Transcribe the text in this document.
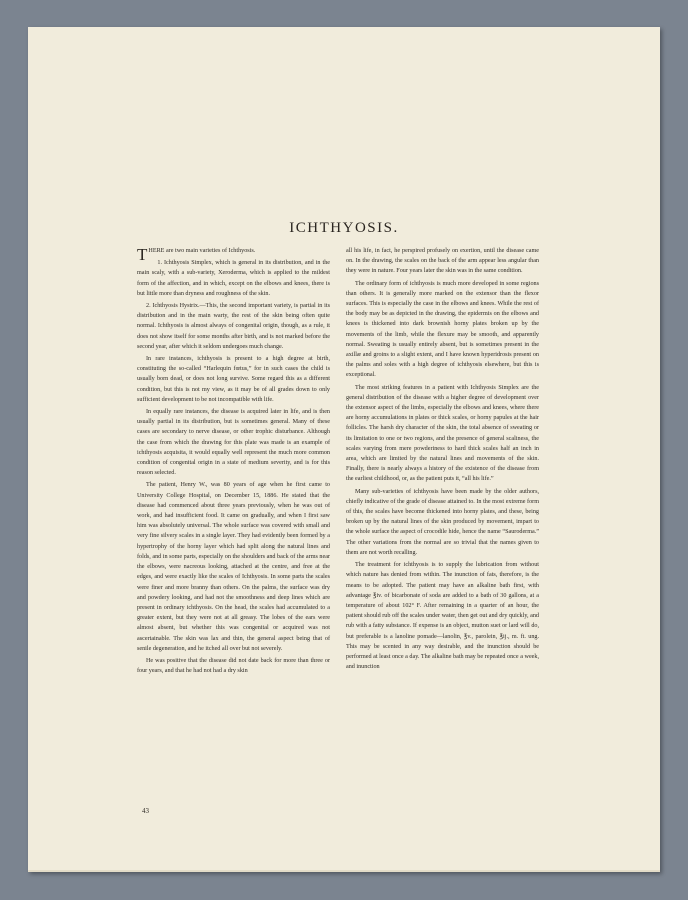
ICHTHYOSIS.

THERE are two main varieties of Ichthyosis.

1. Ichthyosis Simplex, which is general in its distribution, and in the main scaly, with a sub-variety, Xeroderma, which is applied to the mildest form of the affection, and in which, except on the elbows and knees, there is but little more than dryness and roughness of the skin.

2. Ichthyosis Hystrix.—This, the second important variety, is partial in its distribution and in the main warty, the rest of the skin being often quite normal. Ichthyosis is almost always of congenital origin, though, as a rule, it does not show itself for some months after birth, and is not marked before the second year, after which it seldom undergoes much change.

In rare instances, ichthyosis is present to a high degree at birth, constituting the so-called “Harlequin fœtus,” for in such cases the child is usually born dead, or does not long survive. Some regard this as a different condition, but this is not my view, as it may be of all grades down to only sufficient development to be not incompatible with life.

In equally rare instances, the disease is acquired later in life, and is then usually partial in its distribution, but is sometimes general. Many of these cases are secondary to nerve disease, or other trophic disturbance. Although the case from which the drawing for this plate was made is an example of ichthyosis acquisita, it would equally well represent the much more common condition of congenital origin in a state of medium severity, and is for this reason selected.

The patient, Henry W., was 80 years of age when he first came to University College Hospital, on December 15, 1886. He stated that the disease had commenced about three years previously, when he was out of work, and had insufficient food. It came on gradually, and when I first saw him was absolutely universal. The whole surface was covered with small and very fine silvery scales in a single layer. They had evidently been formed by a hypertrophy of the horny layer which had split along the natural lines and folds, and in some parts, especially on the shoulders and back of the arms near the elbows, were nacreous looking, attached at the centre, and free at the edges, and were exactly like the scales of Ichthyosis. In some parts the scales were finer and more branny than others. On the palms, the surface was dry and powdery looking, and had not the smoothness and deep lines which are present in ordinary ichthyosis. On the head, the scales had accumulated to a greater extent, but they were not at all greasy. The lobes of the ears were almost absent, but whether this was congenital or acquired was not ascertainable. The skin was lax and thin, the general aspect being that of senile degeneration, and he itched all over but not severely.

He was positive that the disease did not date back for more than three or four years, and that he had not had a dry skin

all his life, in fact, he perspired profusely on exertion, until the disease came on. In the drawing, the scales on the back of the arm appear less angular than they were in nature. Four years later the skin was in the same condition.

The ordinary form of ichthyosis is much more developed in some regions than others. It is generally more marked on the extensor than the flexor surfaces. This is especially the case in the elbows and knees. While the rest of the body may be as depicted in the drawing, the epidermis on the elbows and knees is thickened into dark brownish horny plates broken up by the movements of the limb, while the flexure may be smooth, and apparently normal. Sweating is usually entirely absent, but is sometimes present in the axillæ and groins to a slight extent, and I have known hyperidrosis present on the palms and soles with a high degree of ichthyosis elsewhere, but this is exceptional.

The most striking features in a patient with Ichthyosis Simplex are the general distribution of the disease with a higher degree of development over the extensor aspect of the limbs, especially the elbows and knees, where there are horny accumulations in plates or thick scales, or horny papules at the hair follicles. The harsh dry character of the skin, the total absence of sweating or its limitation to one or two regions, and the presence of general scaliness, the scales varying from mere powderiness to hard thick scales half an inch in area, which are limited by the natural lines and movements of the skin. Finally, there is nearly always a history of the existence of the disease from the earliest childhood, or, as the patient puts it, “all his life.”

Many sub-varieties of ichthyosis have been made by the older authors, chiefly indicative of the grade of disease attained to. In the most extreme form of this, the scales have become thickened into horny plates, and these, being broken up by the natural lines of the skin produced by movement, impart to the whole surface the aspect of crocodile hide, hence the name “Sauroderma.” The other variations from the normal are so trivial that the names given to them are not worth recalling.

The treatment for ichthyosis is to supply the lubrication from without which nature has denied from within. The inunction of fats, therefore, is the means to be adopted. The patient may have an alkaline bath first, with advantage ℥iv. of bicarbonate of soda are added to a bath of 30 gallons, at a temperature of about 102° F. After remaining in a quarter of an hour, the patient should rub off the scales under water, then get out and dry quickly, and rub with a fatty substance. If expense is an object, mutton suet or lard will do, but preferable is a lanoline pomade—lanolin, ℥v., parolein, ℥ij., m. ft. ung. This may be scented in any way desirable, and the inunction should be performed at least once a day. The alkaline bath may be repeated once a week, and inunction

43
